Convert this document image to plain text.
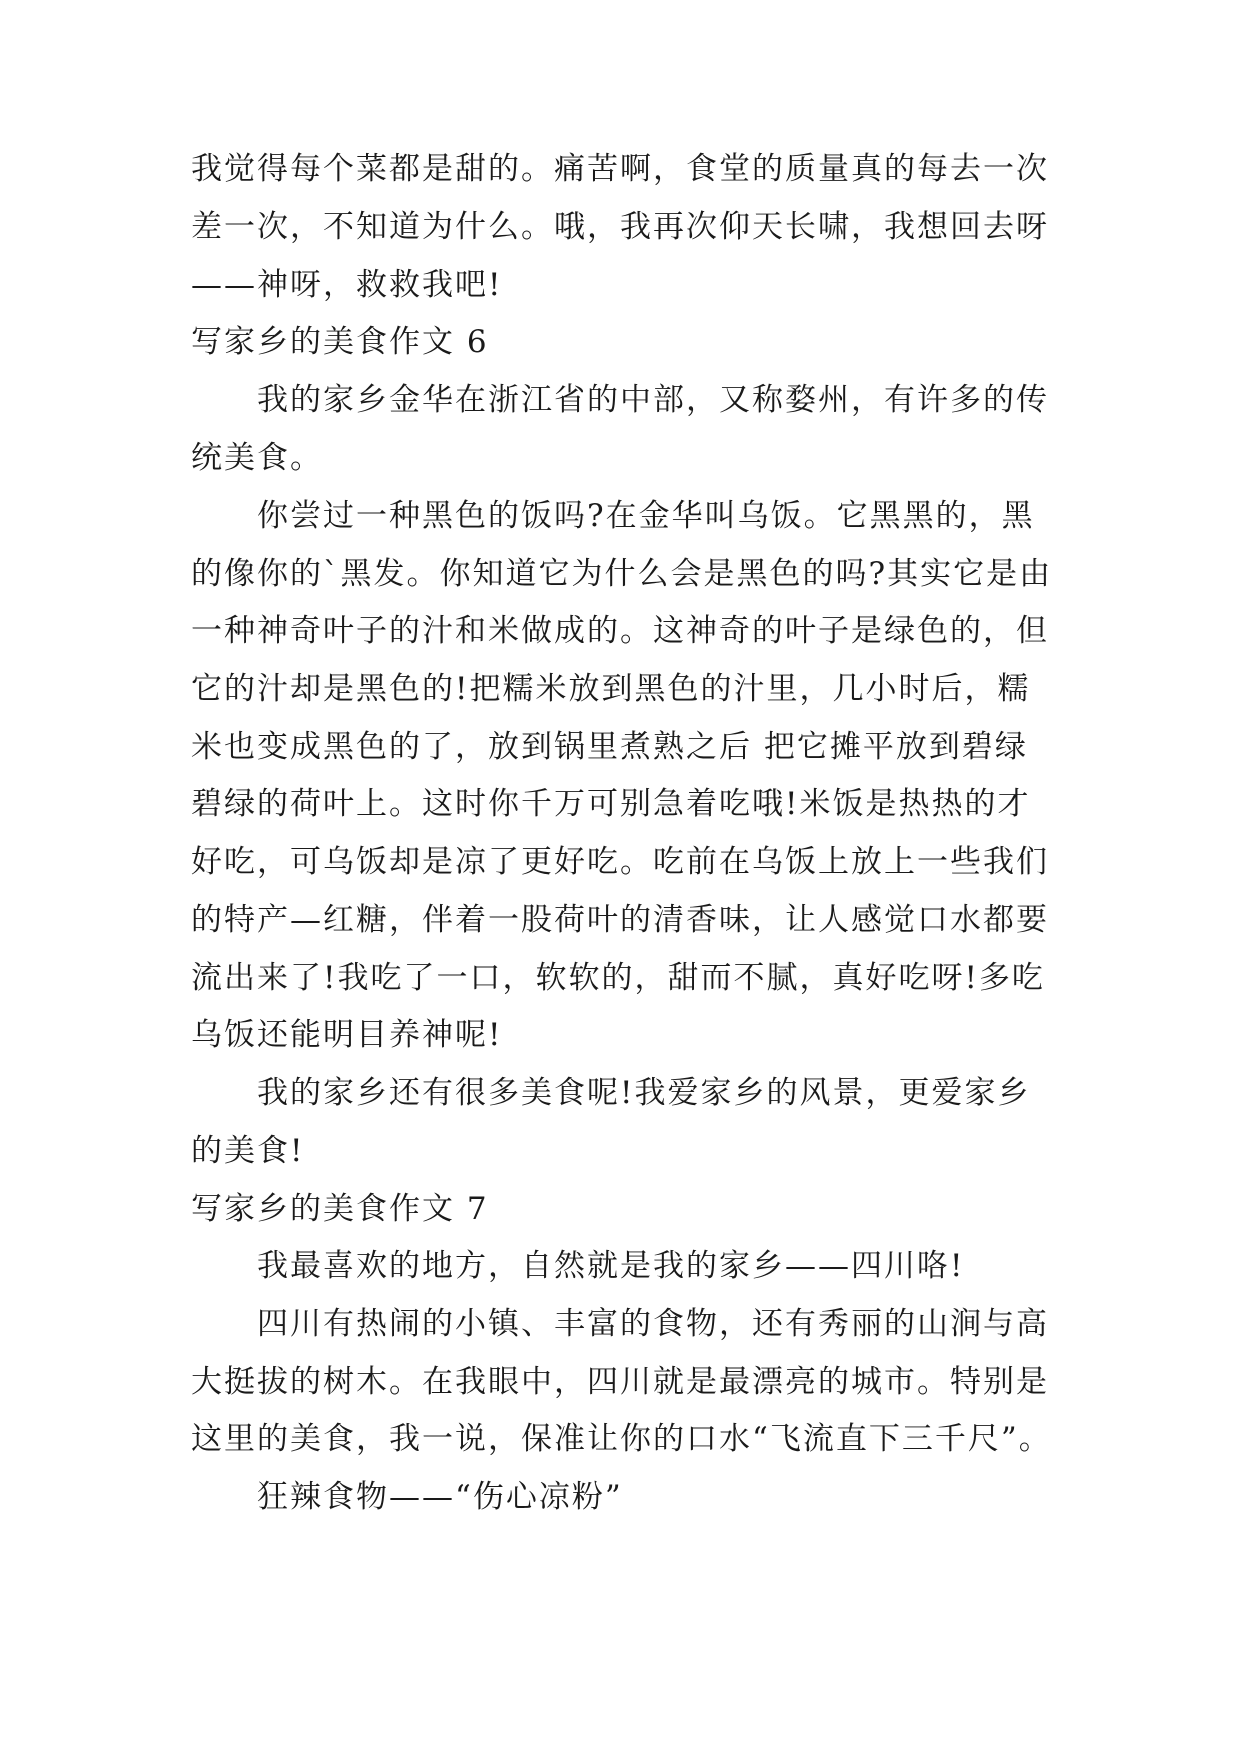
我觉得每个菜都是甜的。痛苦啊，食堂的质量真的每去一次
差一次，不知道为什么。哦，我再次仰天长啸，我想回去呀
——神呀，救救我吧!
写家乡的美食作文 6
我的家乡金华在浙江省的中部，又称婺州，有许多的传
统美食。
你尝过一种黑色的饭吗?在金华叫乌饭。它黑黑的，黑
的像你的`黑发。你知道它为什么会是黑色的吗?其实它是由
一种神奇叶子的汁和米做成的。这神奇的叶子是绿色的，但
它的汁却是黑色的!把糯米放到黑色的汁里，几小时后，糯
米也变成黑色的了，放到锅里煮熟之后 把它摊平放到碧绿
碧绿的荷叶上。这时你千万可别急着吃哦!米饭是热热的才
好吃，可乌饭却是凉了更好吃。吃前在乌饭上放上一些我们
的特产—红糖，伴着一股荷叶的清香味，让人感觉口水都要
流出来了!我吃了一口，软软的，甜而不腻，真好吃呀!多吃
乌饭还能明目养神呢!
我的家乡还有很多美食呢!我爱家乡的风景，更爱家乡
的美食!
写家乡的美食作文 7
我最喜欢的地方，自然就是我的家乡——四川咯!
四川有热闹的小镇、丰富的食物，还有秀丽的山涧与高
大挺拔的树木。在我眼中，四川就是最漂亮的城市。特别是
这里的美食，我一说，保准让你的口水“飞流直下三千尺”。
狂辣食物——“伤心凉粉”
